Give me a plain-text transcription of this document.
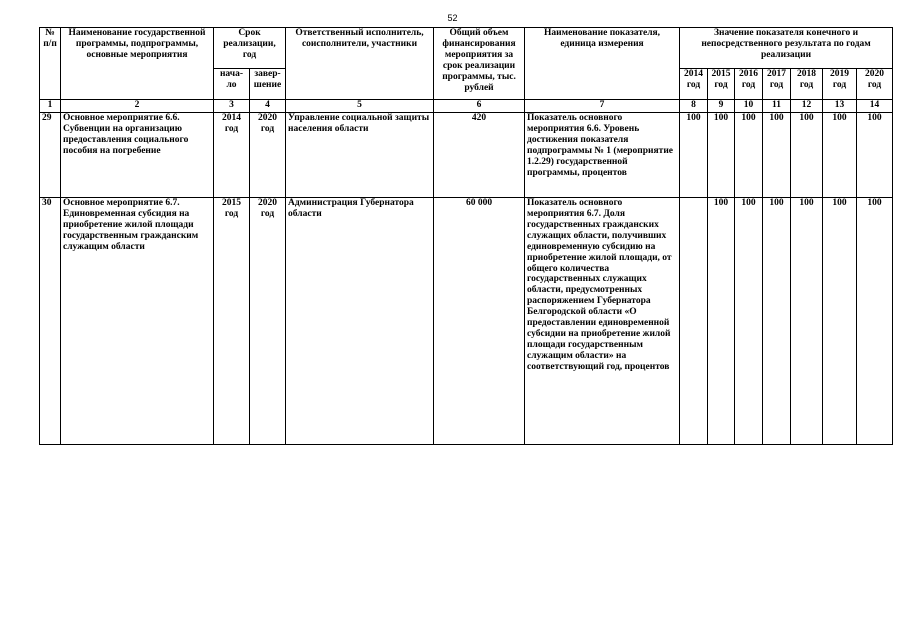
52
№ п/п	Наименование государственной программы, подпрограммы, основные мероприятия	Срок реализации, год		Ответственный исполнитель, соисполнители, участники	Общий объем финансирования мероприятия за срок реализации программы, тыс. рублей	Наименование показателя, единица измерения	Значение показателя конечного и непосредственного результата по годам реализации						
		нача-ло	завер-шение				2014 год	2015 год	2016 год	2017 год	2018 год	2019 год	2020 год
1	2	3	4	5	6	7	8	9	10	11	12	13	14
29	Основное мероприятие 6.6. Субвенции на организацию предоставления социального пособия на погребение	2014 год	2020 год	Управление социальной защиты населения области	420	Показатель основного мероприятия 6.6. Уровень достижения показателя подпрограммы № 1 (мероприятие 1.2.29) государственной программы, процентов	100	100	100	100	100	100	100
30	Основное мероприятие 6.7. Единовременная субсидия на приобретение жилой площади государственным гражданским служащим области	2015 год	2020 год	Администрация Губернатора области	60 000	Показатель основного мероприятия 6.7. Доля государственных гражданских служащих области, получивших единовременную субсидию на приобретение жилой площади, от общего количества государственных служащих области, предусмотренных распоряжением Губернатора Белгородской области «О предоставлении единовременной субсидии на приобретение жилой площади государственным служащим области» на соответствующий год, процентов		100	100	100	100	100	100
